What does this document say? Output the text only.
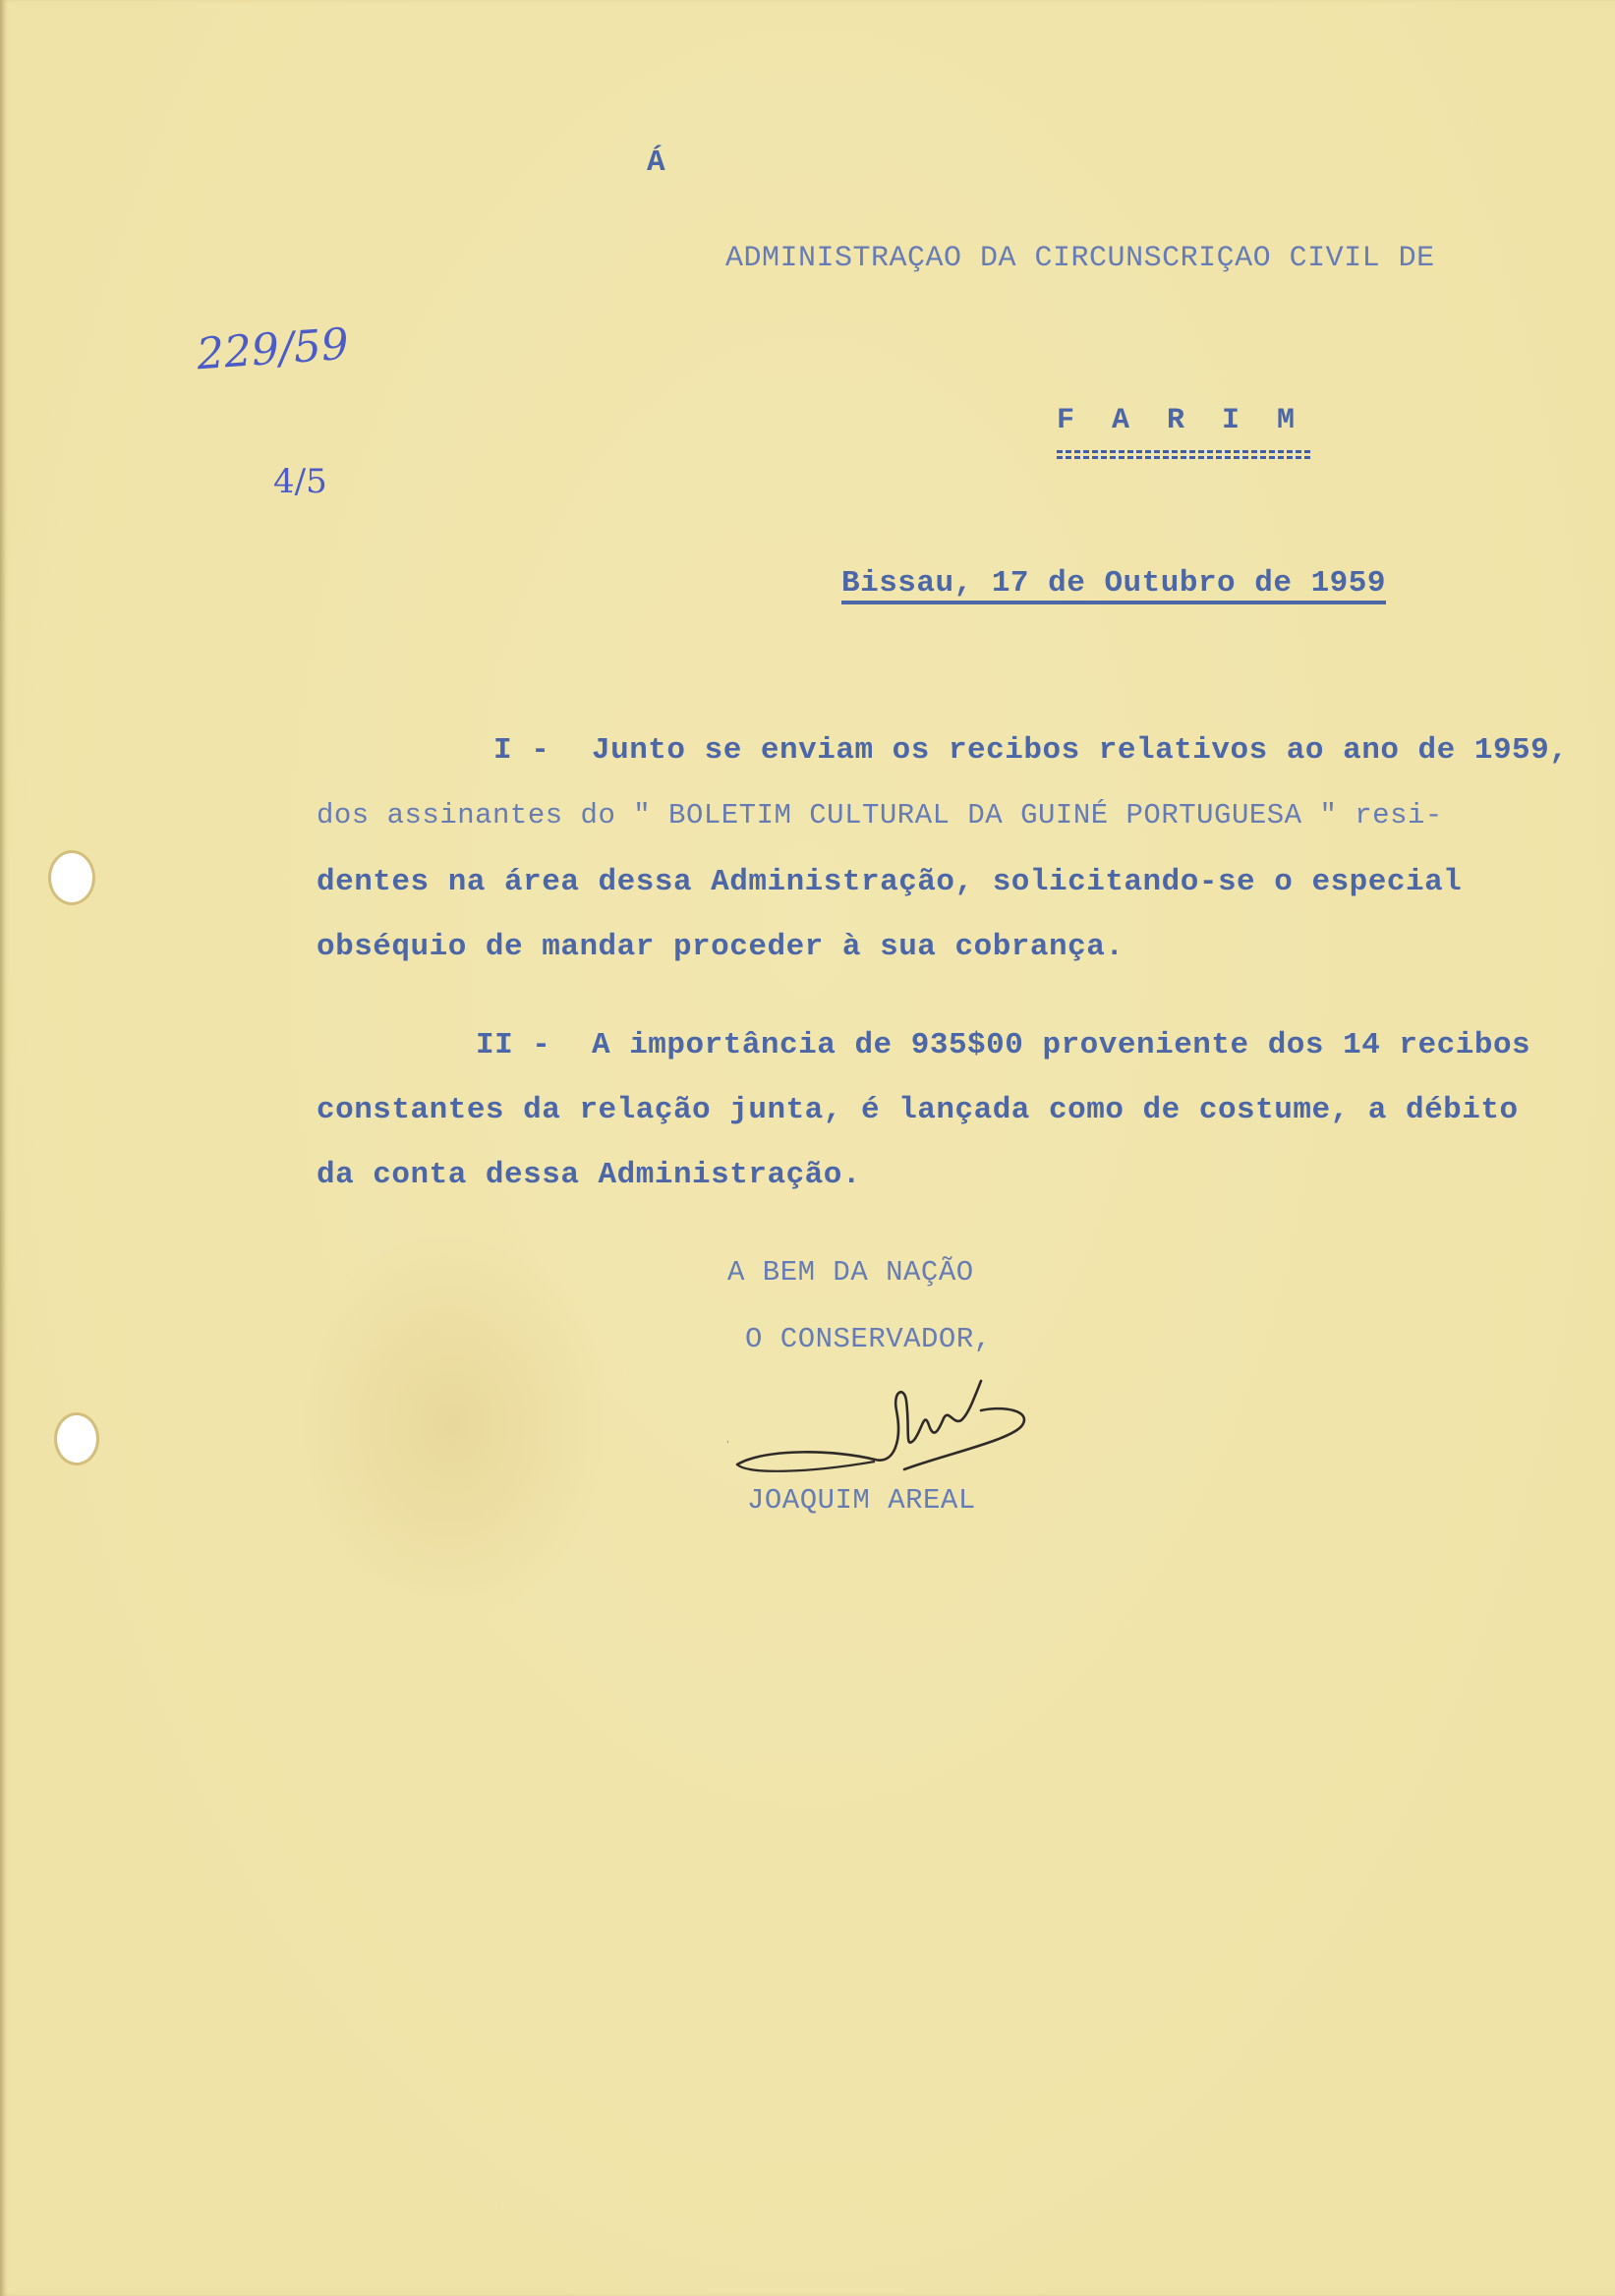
Á
ADMINISTRAÇAO DA CIRCUNSCRIÇAO CIVIL DE
229/59
4/5
F A R I M
Bissau, 17 de Outubro de 1959
I - Junto se enviam os recibos relativos ao ano de 1959,
dos assinantes do " BOLETIM CULTURAL DA GUINÉ PORTUGUESA " resi-
dentes na área dessa Administração, solicitando-se o especial
obséquio de mandar proceder à sua cobrança.
II - A importância de 935$00 proveniente dos 14 recibos
constantes da relação junta, é lançada como de costume, a débito
da conta dessa Administração.
A BEM DA NAÇÃO
O CONSERVADOR,
JOAQUIM AREAL
